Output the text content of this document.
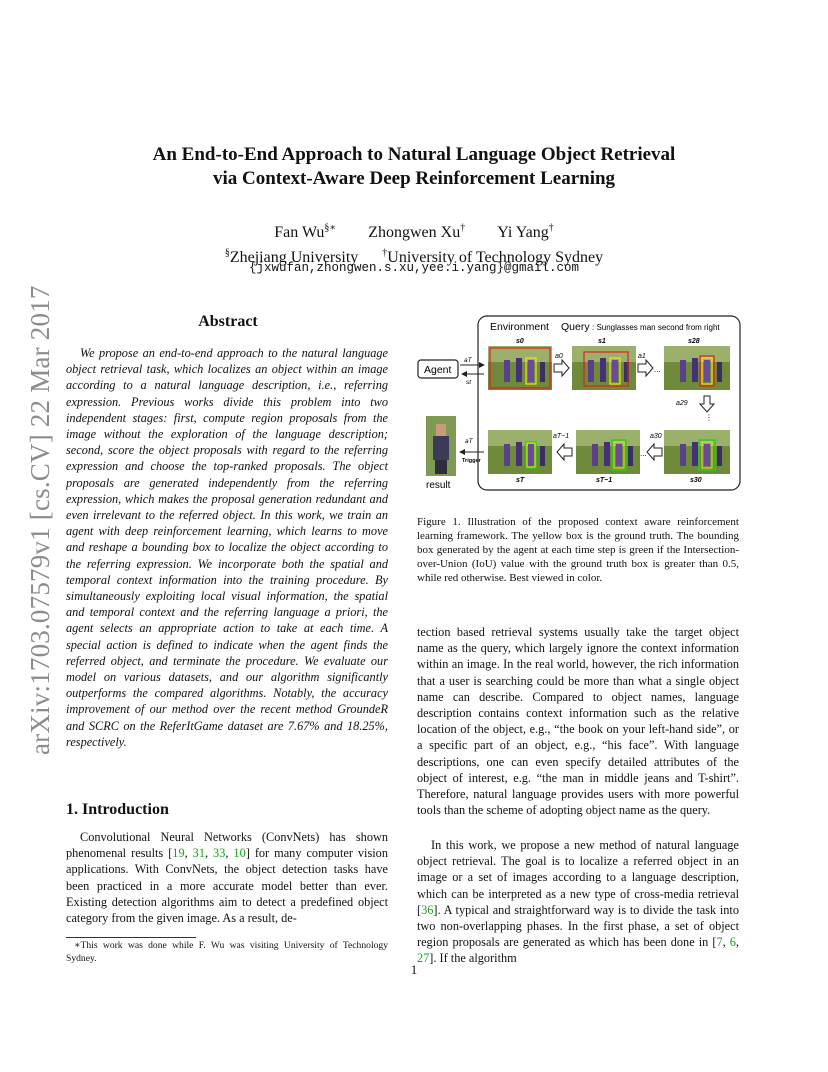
arXiv:1703.07579v1 [cs.CV] 22 Mar 2017
An End-to-End Approach to Natural Language Object Retrieval
via Context-Aware Deep Reinforcement Learning
Fan Wu§∗ Zhongwen Xu† Yi Yang†
§Zhejiang University †University of Technology Sydney
{jxwufan,zhongwen.s.xu,yee.i.yang}@gmail.com
Abstract

We propose an end-to-end approach to the natural language object retrieval task, which localizes an object within an image according to a natural language description, i.e., referring expression. Previous works divide this problem into two independent stages: first, compute region proposals from the image without the exploration of the language description; second, score the object proposals with regard to the referring expression and choose the top-ranked proposals. The object proposals are generated independently from the referring expression, which makes the proposal generation redundant and even irrelevant to the referred object. In this work, we train an agent with deep reinforcement learning, which learns to move and reshape a bounding box to localize the object according to the referring expression. We incorporate both the spatial and temporal context information into the training procedure. By simultaneously exploiting local visual information, the spatial and temporal context and the referring language a priori, the agent selects an appropriate action to take at each time. A special action is defined to indicate when the agent finds the referred object, and terminate the procedure. We evaluate our model on various datasets, and our algorithm significantly outperforms the compared algorithms. Notably, the accuracy improvement of our method over the recent method GroundeR and SCRC on the ReferItGame dataset are 7.67% and 18.25%, respectively.

1. Introduction

Convolutional Neural Networks (ConvNets) has shown phenomenal results [19, 31, 33, 10] for many computer vision applications. With ConvNets, the object detection tasks have been practiced in a more accurate model better than ever. Existing detection algorithms aim to detect a predefined object category from the given image. As a result, de-

∗This work was done while F. Wu was visiting University of Technology Sydney.
Environment Query : Sunglasses man second from right
s0	s1	s28
a0	a1
...
a29
⋮
aT−1	a30
...
sT	sT−1	s30
Agent
aT
st
result
aT
Trigger
Figure 1. Illustration of the proposed context aware reinforcement learning framework. The yellow box is the ground truth. The bounding box generated by the agent at each time step is green if the Intersection-over-Union (IoU) value with the ground truth box is greater than 0.5, while red otherwise. Best viewed in color.

tection based retrieval systems usually take the target object name as the query, which largely ignore the context information within an image. In the real world, however, the rich information that a user is searching could be more than what a single object name can describe. Compared to object names, language description contains context information such as the relative location of the object, e.g., “the book on your left-hand side”, or a specific part of an object, e.g., “his face”. With language descriptions, one can even specify detailed attributes of the object of interest, e.g. “the man in middle jeans and T-shirt”. Therefore, natural language provides users with more powerful tools than the scheme of adopting object name as the query.

In this work, we propose a new method of natural language object retrieval. The goal is to localize a referred object in an image or a set of images according to a language description, which can be interpreted as a new type of cross-media retrieval [36]. A typical and straightforward way is to divide the task into two non-overlapping phases. In the first phase, a set of object region proposals are generated as which has been done in [7, 6, 27]. If the algorithm

1
